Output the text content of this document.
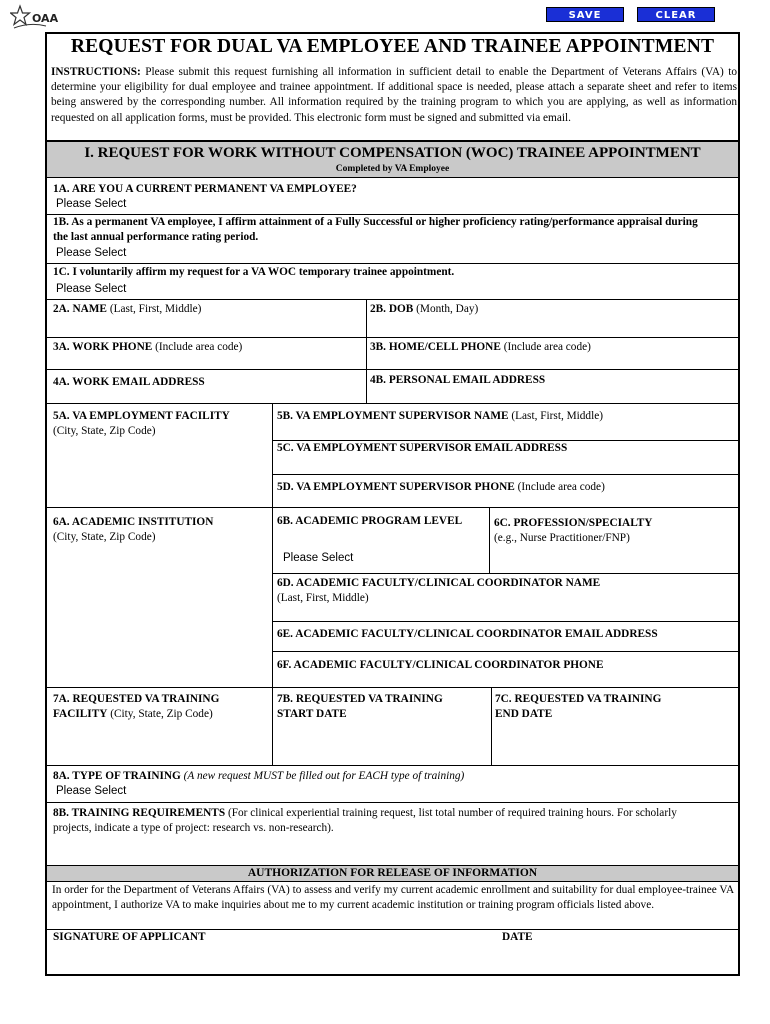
OAA	SAVE	CLEAR FORM
REQUEST FOR DUAL VA EMPLOYEE AND TRAINEE APPOINTMENT
INSTRUCTIONS: Please submit this request furnishing all information in sufficient detail to enable the Department of Veterans Affairs (VA) to determine your eligibility for dual employee and trainee appointment. If additional space is needed, please attach a separate sheet and refer to items being answered by the corresponding number. All information required by the training program to which you are applying, as well as information requested on all application forms, must be provided. This electronic form must be signed and submitted via email.
I. REQUEST FOR WORK WITHOUT COMPENSATION (WOC) TRAINEE APPOINTMENT
Completed by VA Employee
1A. ARE YOU A CURRENT PERMANENT VA EMPLOYEE?
Please Select
1B. As a permanent VA employee, I affirm attainment of a Fully Successful or higher proficiency rating/performance appraisal during the last annual performance rating period.
Please Select
1C. I voluntarily affirm my request for a VA WOC temporary trainee appointment.
Please Select
2A. NAME (Last, First, Middle)	2B. DOB (Month, Day)
3A. WORK PHONE (Include area code)	3B. HOME/CELL PHONE (Include area code)
4A. WORK EMAIL ADDRESS	4B. PERSONAL EMAIL ADDRESS
5A. VA EMPLOYMENT FACILITY
(City, State, Zip Code)
5B. VA EMPLOYMENT SUPERVISOR NAME (Last, First, Middle)
5C. VA EMPLOYMENT SUPERVISOR EMAIL ADDRESS
5D. VA EMPLOYMENT SUPERVISOR PHONE (Include area code)
6A. ACADEMIC INSTITUTION
(City, State, Zip Code)
6B. ACADEMIC PROGRAM LEVEL
Please Select
6C. PROFESSION/SPECIALTY
(e.g., Nurse Practitioner/FNP)
6D. ACADEMIC FACULTY/CLINICAL COORDINATOR NAME
(Last, First, Middle)
6E. ACADEMIC FACULTY/CLINICAL COORDINATOR EMAIL ADDRESS
6F. ACADEMIC FACULTY/CLINICAL COORDINATOR PHONE
7A. REQUESTED VA TRAINING
FACILITY (City, State, Zip Code)
7B. REQUESTED VA TRAINING
START DATE
7C. REQUESTED VA TRAINING
END DATE
8A. TYPE OF TRAINING (A new request MUST be filled out for EACH type of training)
Please Select
8B. TRAINING REQUIREMENTS (For clinical experiential training request, list total number of required training hours. For scholarly projects, indicate a type of project: research vs. non-research).
AUTHORIZATION FOR RELEASE OF INFORMATION
In order for the Department of Veterans Affairs (VA) to assess and verify my current academic enrollment and suitability for dual employee-trainee VA appointment, I authorize VA to make inquiries about me to my current academic institution or training program officials listed above.
SIGNATURE OF APPLICANT	DATE
